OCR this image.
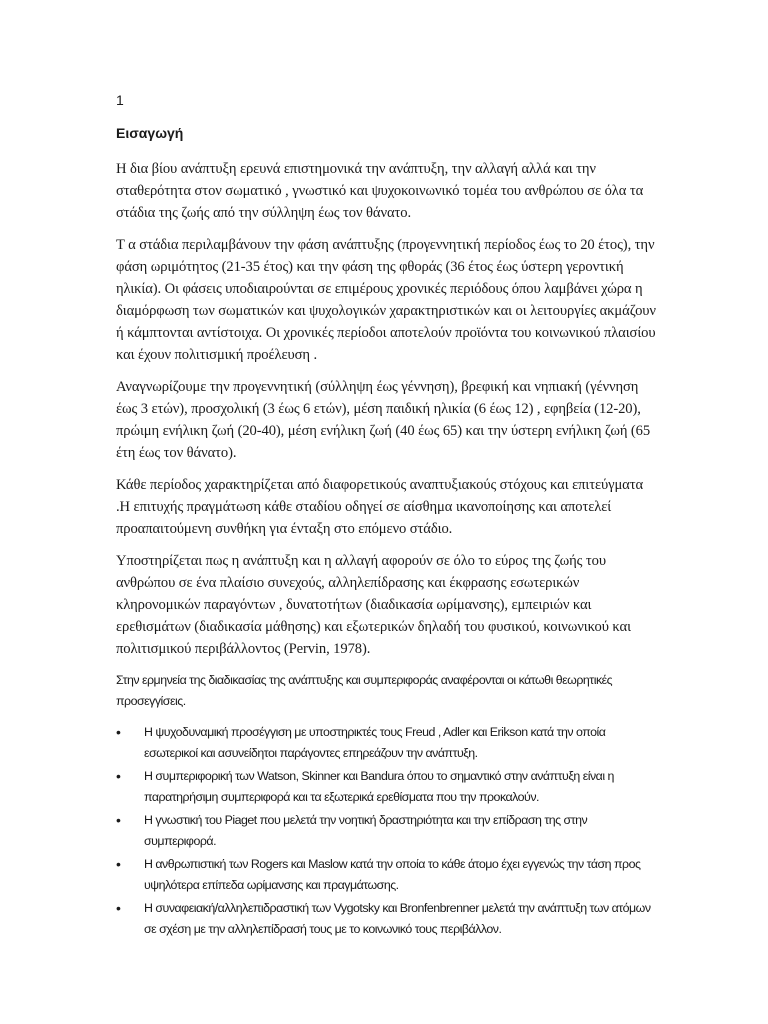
1
Εισαγωγή

Η δια βίου ανάπτυξη ερευνά επιστημονικά την ανάπτυξη, την αλλαγή αλλά και την σταθερότητα στον σωματικό , γνωστικό και ψυχοκοινωνικό τομέα του ανθρώπου σε όλα τα στάδια της ζωής από την σύλληψη έως τον θάνατο.

Τ α στάδια περιλαμβάνουν την φάση ανάπτυξης (προγεννητική περίοδος έως το 20 έτος), την φάση ωριμότητος (21-35 έτος) και την φάση της φθοράς (36 έτος έως ύστερη γεροντική ηλικία). Οι φάσεις υποδιαιρούνται σε επιμέρους χρονικές περιόδους όπου λαμβάνει χώρα η διαμόρφωση των σωματικών και ψυχολογικών χαρακτηριστικών και οι λειτουργίες ακμάζουν ή κάμπτονται αντίστοιχα. Οι χρονικές περίοδοι αποτελούν προϊόντα του κοινωνικού πλαισίου και έχουν πολιτισμική προέλευση .

Αναγνωρίζουμε την προγεννητική (σύλληψη έως γέννηση), βρεφική και νηπιακή (γέννηση έως 3 ετών), προσχολική (3 έως 6 ετών), μέση παιδική ηλικία (6 έως 12) , εφηβεία (12-20), πρώιμη ενήλικη ζωή (20-40), μέση ενήλικη ζωή (40 έως 65) και την ύστερη ενήλικη ζωή (65 έτη έως τον θάνατο).

Κάθε περίοδος χαρακτηρίζεται από διαφορετικούς αναπτυξιακούς στόχους και επιτεύγματα .Η επιτυχής πραγμάτωση κάθε σταδίου οδηγεί σε αίσθημα ικανοποίησης και αποτελεί προαπαιτούμενη συνθήκη για ένταξη στο επόμενο στάδιο.

Υποστηρίζεται πως η ανάπτυξη και η αλλαγή αφορούν σε όλο το εύρος της ζωής του ανθρώπου σε ένα πλαίσιο συνεχούς, αλληλεπίδρασης και έκφρασης εσωτερικών κληρονομικών παραγόντων , δυνατοτήτων (διαδικασία ωρίμανσης), εμπειριών και ερεθισμάτων (διαδικασία μάθησης) και εξωτερικών δηλαδή του φυσικού, κοινωνικού και πολιτισμικού περιβάλλοντος (Pervin, 1978).

Στην ερμηνεία της διαδικασίας της ανάπτυξης και συμπεριφοράς αναφέρονται οι κάτωθι θεωρητικές προσεγγίσεις.

• Η ψυχοδυναμική προσέγγιση με υποστηρικτές τους Freud , Adler και Erikson κατά την οποία εσωτερικοί και ασυνείδητοι παράγοντες επηρεάζουν την ανάπτυξη.
• Η συμπεριφορική των Watson, Skinner και Bandura όπου το σημαντικό στην ανάπτυξη είναι η παρατηρήσιμη συμπεριφορά και τα εξωτερικά ερεθίσματα που την προκαλούν.
• Η γνωστική του Piaget που μελετά την νοητική δραστηριότητα και την επίδραση της στην συμπεριφορά.
• Η ανθρωπιστική των Rogers και Maslow κατά την οποία το κάθε άτομο έχει εγγενώς την τάση προς υψηλότερα επίπεδα ωρίμανσης και πραγμάτωσης.
• Η συναφειακή/αλληλεπιδραστική των Vygotsky και Bronfenbrenner μελετά την ανάπτυξη των ατόμων σε σχέση με την αλληλεπίδρασή τους με το κοινωνικό τους περιβάλλον.
